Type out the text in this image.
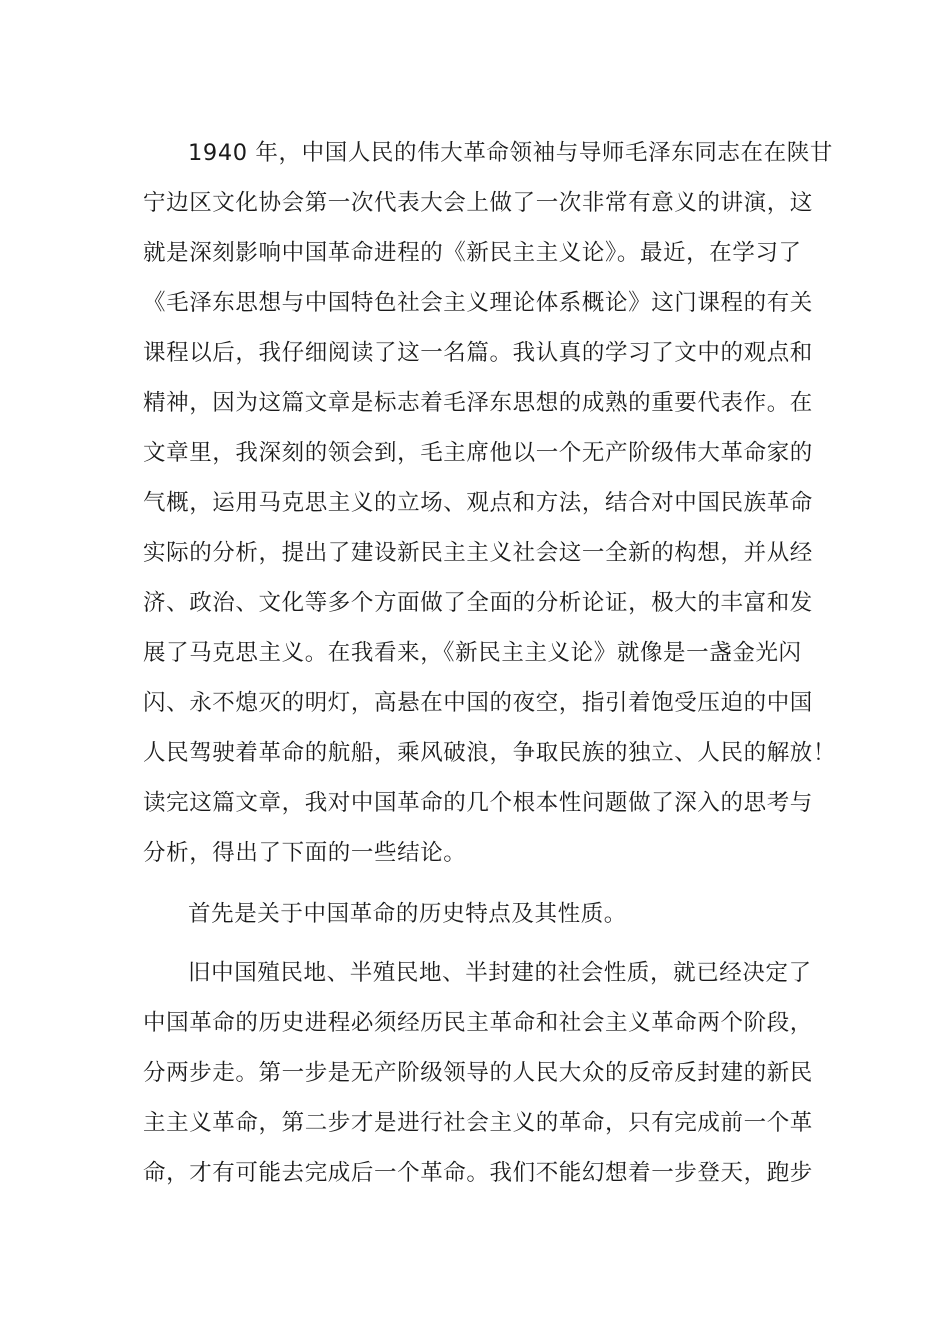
1940 年，中国人民的伟大革命领袖与导师毛泽东同志在在陕甘
宁边区文化协会第一次代表大会上做了一次非常有意义的讲演，这
就是深刻影响中国革命进程的《新民主主义论》。最近，在学习了
《毛泽东思想与中国特色社会主义理论体系概论》这门课程的有关
课程以后，我仔细阅读了这一名篇。我认真的学习了文中的观点和
精神，因为这篇文章是标志着毛泽东思想的成熟的重要代表作。在
文章里，我深刻的领会到，毛主席他以一个无产阶级伟大革命家的
气概，运用马克思主义的立场、观点和方法，结合对中国民族革命
实际的分析，提出了建设新民主主义社会这一全新的构想，并从经
济、政治、文化等多个方面做了全面的分析论证，极大的丰富和发
展了马克思主义。在我看来，《新民主主义论》就像是一盏金光闪
闪、永不熄灭的明灯，高悬在中国的夜空，指引着饱受压迫的中国
人民驾驶着革命的航船，乘风破浪，争取民族的独立、人民的解放！
读完这篇文章，我对中国革命的几个根本性问题做了深入的思考与
分析，得出了下面的一些结论。
首先是关于中国革命的历史特点及其性质。
旧中国殖民地、半殖民地、半封建的社会性质，就已经决定了
中国革命的历史进程必须经历民主革命和社会主义革命两个阶段，
分两步走。第一步是无产阶级领导的人民大众的反帝反封建的新民
主主义革命，第二步才是进行社会主义的革命，只有完成前一个革
命，才有可能去完成后一个革命。我们不能幻想着一步登天，跑步
